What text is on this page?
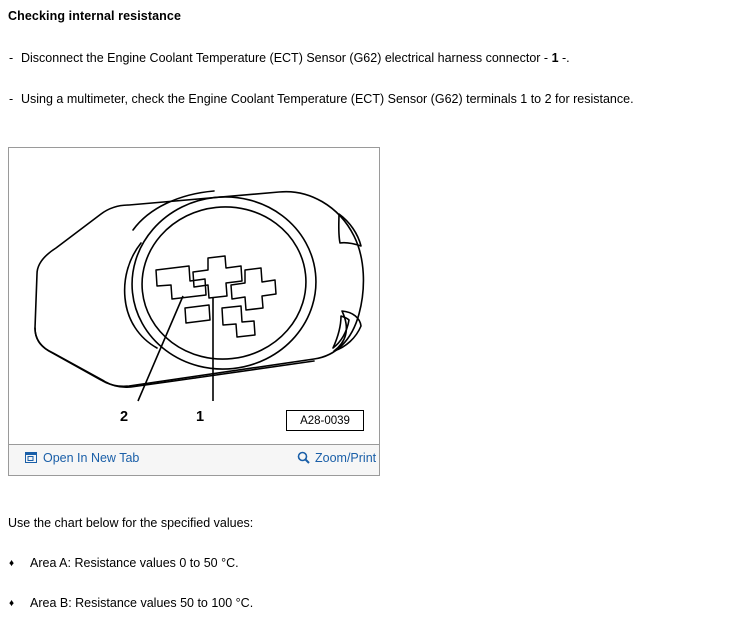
Checking internal resistance
- Disconnect the Engine Coolant Temperature (ECT) Sensor (G62) electrical harness connector - 1 -.
- Using a multimeter, check the Engine Coolant Temperature (ECT) Sensor (G62) terminals 1 to 2 for resistance.
Open In New Tab	Zoom/Print
2	1	A28-0039
Use the chart below for the specified values:
♦ Area A: Resistance values 0 to 50 °C.
♦ Area B: Resistance values 50 to 100 °C.
